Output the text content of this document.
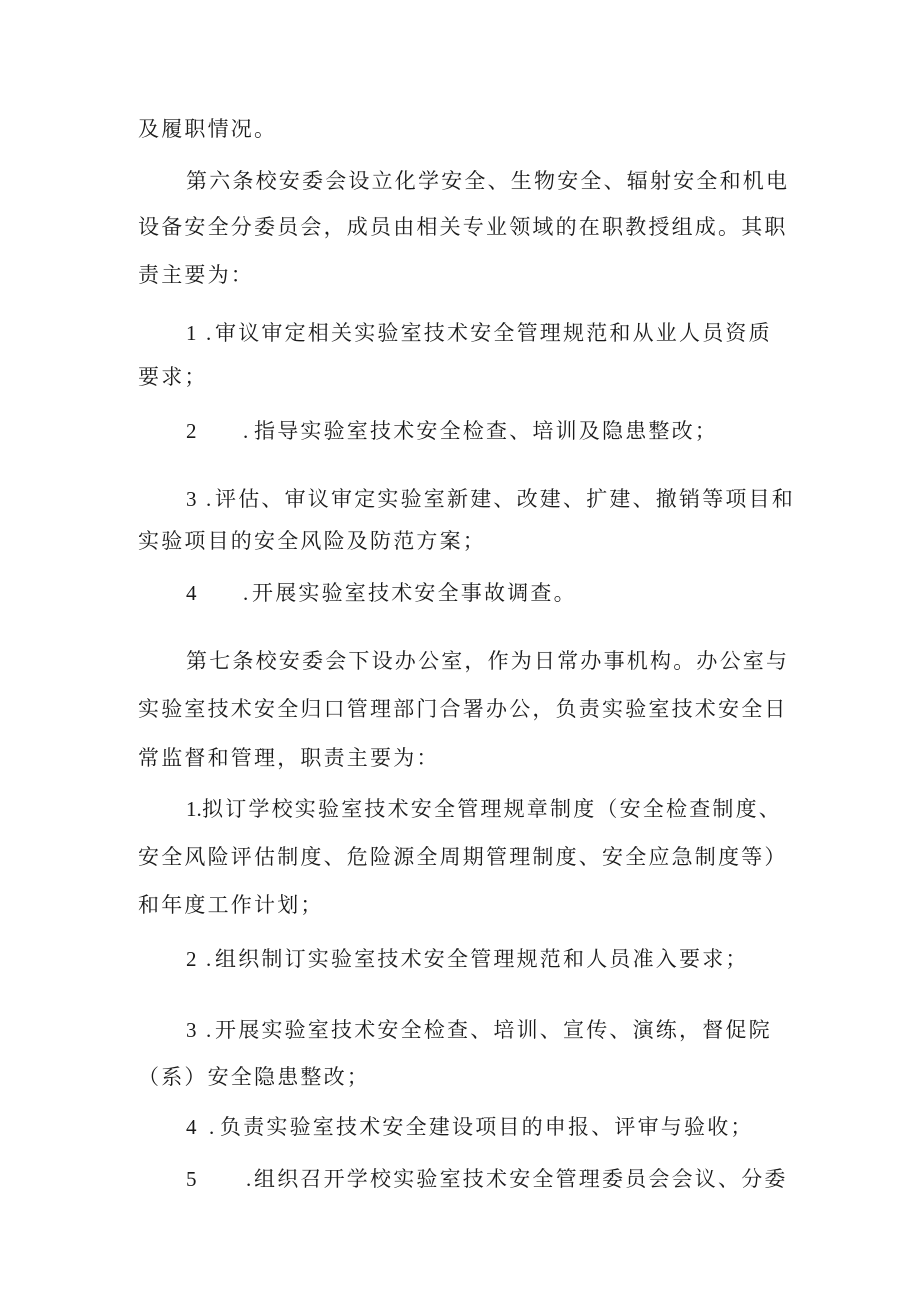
及履职情况。
第六条校安委会设立化学安全、生物安全、辐射安全和机电
设备安全分委员会，成员由相关专业领域的在职教授组成。其职
责主要为：
1 . 审议审定相关实验室技术安全管理规范和从业人员资质
要求；
2 . 指导实验室技术安全检查、培训及隐患整改；
3 . 评估、审议审定实验室新建、改建、扩建、撤销等项目和
实验项目的安全风险及防范方案；
4 . 开展实验室技术安全事故调查。
第七条校安委会下设办公室，作为日常办事机构。办公室与
实验室技术安全归口管理部门合署办公，负责实验室技术安全日
常监督和管理，职责主要为：
1. 拟订学校实验室技术安全管理规章制度（安全检查制度、
安全风险评估制度、危险源全周期管理制度、安全应急制度等）
和年度工作计划；
2 . 组织制订实验室技术安全管理规范和人员准入要求；
3 . 开展实验室技术安全检查、培训、宣传、演练，督促院
（系）安全隐患整改；
4 . 负责实验室技术安全建设项目的申报、评审与验收；
5 . 组织召开学校实验室技术安全管理委员会会议、分委
